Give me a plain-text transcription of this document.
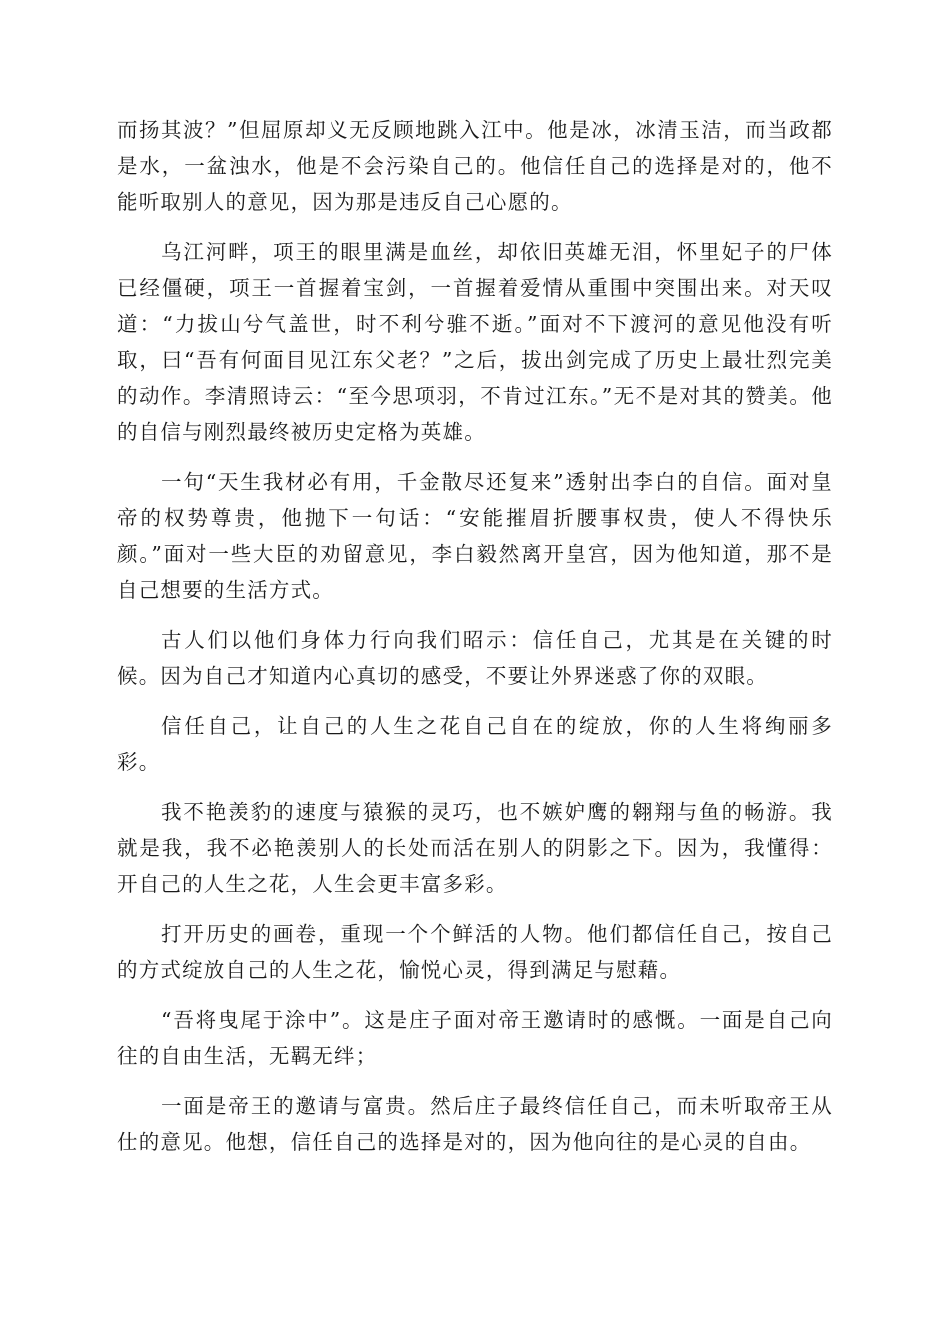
而扬其波？”但屈原却义无反顾地跳入江中。他是冰，冰清玉洁，而当政都是水，一盆浊水，他是不会污染自己的。他信任自己的选择是对的，他不能听取别人的意见，因为那是违反自己心愿的。

乌江河畔，项王的眼里满是血丝，却依旧英雄无泪，怀里妃子的尸体已经僵硬，项王一首握着宝剑，一首握着爱情从重围中突围出来。对天叹道：“力拔山兮气盖世，时不利兮骓不逝。”面对不下渡河的意见他没有听取，曰“吾有何面目见江东父老？”之后，拔出剑完成了历史上最壮烈完美的动作。李清照诗云：“至今思项羽，不肯过江东。”无不是对其的赞美。他的自信与刚烈最终被历史定格为英雄。

一句“天生我材必有用，千金散尽还复来”透射出李白的自信。面对皇帝的权势尊贵，他抛下一句话：“安能摧眉折腰事权贵，使人不得快乐颜。”面对一些大臣的劝留意见，李白毅然离开皇宫，因为他知道，那不是自己想要的生活方式。

古人们以他们身体力行向我们昭示：信任自己，尤其是在关键的时候。因为自己才知道内心真切的感受，不要让外界迷惑了你的双眼。

信任自己，让自己的人生之花自己自在的绽放，你的人生将绚丽多彩。

我不艳羡豹的速度与猿猴的灵巧，也不嫉妒鹰的翱翔与鱼的畅游。我就是我，我不必艳羡别人的长处而活在别人的阴影之下。因为，我懂得：开自己的人生之花，人生会更丰富多彩。

打开历史的画卷，重现一个个鲜活的人物。他们都信任自己，按自己的方式绽放自己的人生之花，愉悦心灵，得到满足与慰藉。

“吾将曳尾于涂中”。这是庄子面对帝王邀请时的感慨。一面是自己向往的自由生活，无羁无绊；

一面是帝王的邀请与富贵。然后庄子最终信任自己，而未听取帝王从仕的意见。他想，信任自己的选择是对的，因为他向往的是心灵的自由。
